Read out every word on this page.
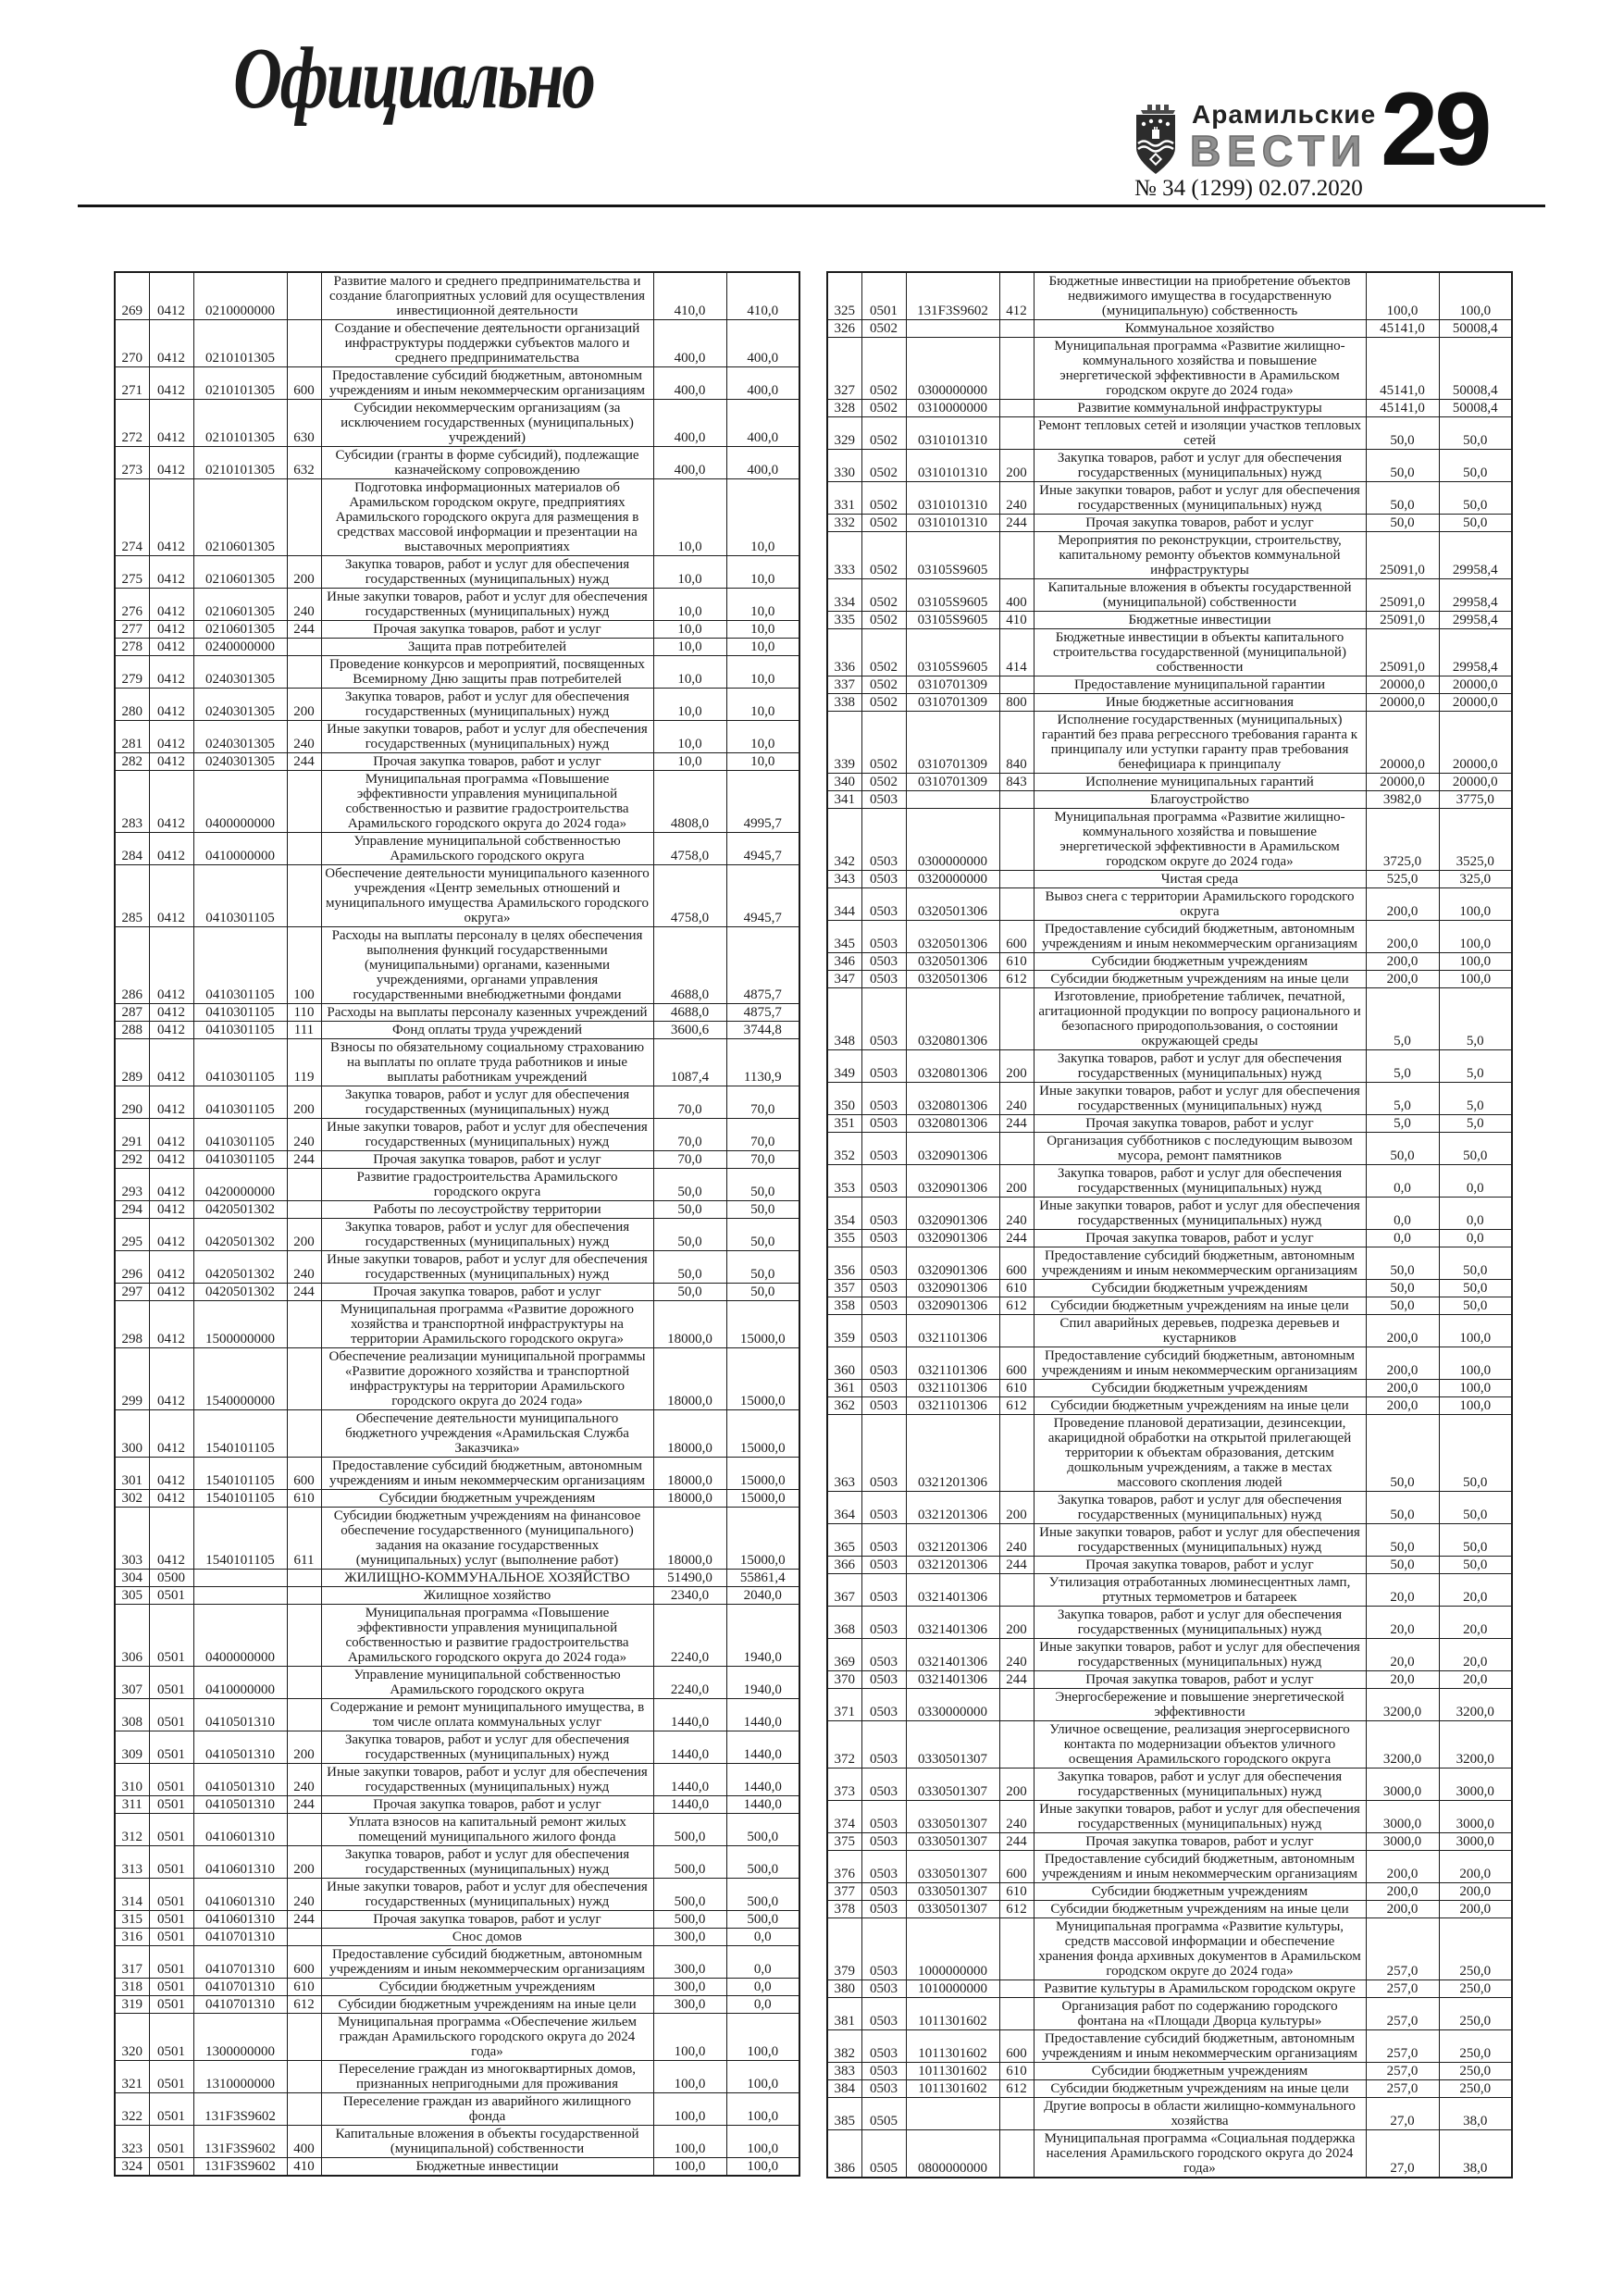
Официально	Арамильские
ВЕСТИ 29
№ 34 (1299) 02.07.2020
269	0412	0210000000		Развитие малого и среднего предпринимательства и создание благоприятных условий для осуществления инвестиционной деятельности	410,0	410,0
270	0412	0210101305		Создание и обеспечение деятельности организаций инфраструктуры поддержки субъектов малого и среднего предпринимательства	400,0	400,0
271	0412	0210101305	600	Предоставление субсидий бюджетным, автономным учреждениям и иным некоммерческим организациям	400,0	400,0
272	0412	0210101305	630	Субсидии некоммерческим организациям (за исключением государственных (муниципальных) учреждений)	400,0	400,0
273	0412	0210101305	632	Субсидии (гранты в форме субсидий), подлежащие казначейскому сопровождению	400,0	400,0
274	0412	0210601305		Подготовка информационных материалов об Арамильском городском округе, предприятиях Арамильского городского округа для размещения в средствах массовой информации и презентации на выставочных мероприятиях	10,0	10,0
275	0412	0210601305	200	Закупка товаров, работ и услуг для обеспечения государственных (муниципальных) нужд	10,0	10,0
276	0412	0210601305	240	Иные закупки товаров, работ и услуг для обеспечения государственных (муниципальных) нужд	10,0	10,0
277	0412	0210601305	244	Прочая закупка товаров, работ и услуг	10,0	10,0
278	0412	0240000000		Защита прав потребителей	10,0	10,0
279	0412	0240301305		Проведение конкурсов и мероприятий, посвященных Всемирному Дню защиты прав потребителей	10,0	10,0
280	0412	0240301305	200	Закупка товаров, работ и услуг для обеспечения государственных (муниципальных) нужд	10,0	10,0
281	0412	0240301305	240	Иные закупки товаров, работ и услуг для обеспечения государственных (муниципальных) нужд	10,0	10,0
282	0412	0240301305	244	Прочая закупка товаров, работ и услуг	10,0	10,0
283	0412	0400000000		Муниципальная программа «Повышение эффективности управления муниципальной собственностью и развитие градостроительства Арамильского городского округа до 2024 года»	4808,0	4995,7
284	0412	0410000000		Управление муниципальной собственностью Арамильского городского округа	4758,0	4945,7
285	0412	0410301105		Обеспечение деятельности муниципального казенного учреждения «Центр земельных отношений и муниципального имущества Арамильского городского округа»	4758,0	4945,7
286	0412	0410301105	100	Расходы на выплаты персоналу в целях обеспечения выполнения функций государственными (муниципальными) органами, казенными учреждениями, органами управления государственными внебюджетными фондами	4688,0	4875,7
287	0412	0410301105	110	Расходы на выплаты персоналу казенных учреждений	4688,0	4875,7
288	0412	0410301105	111	Фонд оплаты труда учреждений	3600,6	3744,8
289	0412	0410301105	119	Взносы по обязательному социальному страхованию на выплаты по оплате труда работников и иные выплаты работникам учреждений	1087,4	1130,9
290	0412	0410301105	200	Закупка товаров, работ и услуг для обеспечения государственных (муниципальных) нужд	70,0	70,0
291	0412	0410301105	240	Иные закупки товаров, работ и услуг для обеспечения государственных (муниципальных) нужд	70,0	70,0
292	0412	0410301105	244	Прочая закупка товаров, работ и услуг	70,0	70,0
293	0412	0420000000		Развитие градостроительства Арамильского городского округа	50,0	50,0
294	0412	0420501302		Работы по лесоустройству территории	50,0	50,0
295	0412	0420501302	200	Закупка товаров, работ и услуг для обеспечения государственных (муниципальных) нужд	50,0	50,0
296	0412	0420501302	240	Иные закупки товаров, работ и услуг для обеспечения государственных (муниципальных) нужд	50,0	50,0
297	0412	0420501302	244	Прочая закупка товаров, работ и услуг	50,0	50,0
298	0412	1500000000		Муниципальная программа «Развитие дорожного хозяйства и транспортной инфраструктуры на территории Арамильского городского округа»	18000,0	15000,0
299	0412	1540000000		Обеспечение реализации муниципальной программы «Развитие дорожного хозяйства и транспортной инфраструктуры на территории Арамильского городского округа до 2024 года»	18000,0	15000,0
300	0412	1540101105		Обеспечение деятельности муниципального бюджетного учреждения «Арамильская Служба Заказчика»	18000,0	15000,0
301	0412	1540101105	600	Предоставление субсидий бюджетным, автономным учреждениям и иным некоммерческим организациям	18000,0	15000,0
302	0412	1540101105	610	Субсидии бюджетным учреждениям	18000,0	15000,0
303	0412	1540101105	611	Субсидии бюджетным учреждениям на финансовое обеспечение государственного (муниципального) задания на оказание государственных (муниципальных) услуг (выполнение работ)	18000,0	15000,0
304	0500			ЖИЛИЩНО-КОММУНАЛЬНОЕ ХОЗЯЙСТВО	51490,0	55861,4
305	0501			Жилищное хозяйство	2340,0	2040,0
306	0501	0400000000		Муниципальная программа «Повышение эффективности управления муниципальной собственностью и развитие градостроительства Арамильского городского округа до 2024 года»	2240,0	1940,0
307	0501	0410000000		Управление муниципальной собственностью Арамильского городского округа	2240,0	1940,0
308	0501	0410501310		Содержание и ремонт муниципального имущества, в том числе оплата коммунальных услуг	1440,0	1440,0
309	0501	0410501310	200	Закупка товаров, работ и услуг для обеспечения государственных (муниципальных) нужд	1440,0	1440,0
310	0501	0410501310	240	Иные закупки товаров, работ и услуг для обеспечения государственных (муниципальных) нужд	1440,0	1440,0
311	0501	0410501310	244	Прочая закупка товаров, работ и услуг	1440,0	1440,0
312	0501	0410601310		Уплата взносов на капитальный ремонт жилых помещений муниципального жилого фонда	500,0	500,0
313	0501	0410601310	200	Закупка товаров, работ и услуг для обеспечения государственных (муниципальных) нужд	500,0	500,0
314	0501	0410601310	240	Иные закупки товаров, работ и услуг для обеспечения государственных (муниципальных) нужд	500,0	500,0
315	0501	0410601310	244	Прочая закупка товаров, работ и услуг	500,0	500,0
316	0501	0410701310		Снос домов	300,0	0,0
317	0501	0410701310	600	Предоставление субсидий бюджетным, автономным учреждениям и иным некоммерческим организациям	300,0	0,0
318	0501	0410701310	610	Субсидии бюджетным учреждениям	300,0	0,0
319	0501	0410701310	612	Субсидии бюджетным учреждениям на иные цели	300,0	0,0
320	0501	1300000000		Муниципальная программа «Обеспечение жильем граждан Арамильского городского округа до 2024 года»	100,0	100,0
321	0501	1310000000		Переселение граждан из многоквартирных домов, признанных непригодными для проживания	100,0	100,0
322	0501	131F3S9602		Переселение граждан из аварийного жилищного фонда	100,0	100,0
323	0501	131F3S9602	400	Капитальные вложения в объекты государственной (муниципальной) собственности	100,0	100,0
324	0501	131F3S9602	410	Бюджетные инвестиции	100,0	100,0
325	0501	131F3S9602	412	Бюджетные инвестиции на приобретение объектов недвижимого имущества в государственную (муниципальную) собственность	100,0	100,0
326	0502			Коммунальное хозяйство	45141,0	50008,4
327	0502	0300000000		Муниципальная программа «Развитие жилищно-коммунального хозяйства и повышение энергетической эффективности в Арамильском городском округе до 2024 года»	45141,0	50008,4
328	0502	0310000000		Развитие коммунальной инфраструктуры	45141,0	50008,4
329	0502	0310101310		Ремонт тепловых сетей и изоляции участков тепловых сетей	50,0	50,0
330	0502	0310101310	200	Закупка товаров, работ и услуг для обеспечения государственных (муниципальных) нужд	50,0	50,0
331	0502	0310101310	240	Иные закупки товаров, работ и услуг для обеспечения государственных (муниципальных) нужд	50,0	50,0
332	0502	0310101310	244	Прочая закупка товаров, работ и услуг	50,0	50,0
333	0502	03105S9605		Мероприятия по реконструкции, строительству, капитальному ремонту объектов коммунальной инфраструктуры	25091,0	29958,4
334	0502	03105S9605	400	Капитальные вложения в объекты государственной (муниципальной) собственности	25091,0	29958,4
335	0502	03105S9605	410	Бюджетные инвестиции	25091,0	29958,4
336	0502	03105S9605	414	Бюджетные инвестиции в объекты капитального строительства государственной (муниципальной) собственности	25091,0	29958,4
337	0502	0310701309		Предоставление муниципальной гарантии	20000,0	20000,0
338	0502	0310701309	800	Иные бюджетные ассигнования	20000,0	20000,0
339	0502	0310701309	840	Исполнение государственных (муниципальных) гарантий без права регрессного требования гаранта к принципалу или уступки гаранту прав требования бенефициара к принципалу	20000,0	20000,0
340	0502	0310701309	843	Исполнение муниципальных гарантий	20000,0	20000,0
341	0503			Благоустройство	3982,0	3775,0
342	0503	0300000000		Муниципальная программа «Развитие жилищно-коммунального хозяйства и повышение энергетической эффективности в Арамильском городском округе до 2024 года»	3725,0	3525,0
343	0503	0320000000		Чистая среда	525,0	325,0
344	0503	0320501306		Вывоз снега с территории Арамильского городского округа	200,0	100,0
345	0503	0320501306	600	Предоставление субсидий бюджетным, автономным учреждениям и иным некоммерческим организациям	200,0	100,0
346	0503	0320501306	610	Субсидии бюджетным учреждениям	200,0	100,0
347	0503	0320501306	612	Субсидии бюджетным учреждениям на иные цели	200,0	100,0
348	0503	0320801306		Изготовление, приобретение табличек, печатной, агитационной продукции по вопросу рационального и безопасного природопользования, о состоянии окружающей среды	5,0	5,0
349	0503	0320801306	200	Закупка товаров, работ и услуг для обеспечения государственных (муниципальных) нужд	5,0	5,0
350	0503	0320801306	240	Иные закупки товаров, работ и услуг для обеспечения государственных (муниципальных) нужд	5,0	5,0
351	0503	0320801306	244	Прочая закупка товаров, работ и услуг	5,0	5,0
352	0503	0320901306		Организация субботников с последующим вывозом мусора, ремонт памятников	50,0	50,0
353	0503	0320901306	200	Закупка товаров, работ и услуг для обеспечения государственных (муниципальных) нужд	0,0	0,0
354	0503	0320901306	240	Иные закупки товаров, работ и услуг для обеспечения государственных (муниципальных) нужд	0,0	0,0
355	0503	0320901306	244	Прочая закупка товаров, работ и услуг	0,0	0,0
356	0503	0320901306	600	Предоставление субсидий бюджетным, автономным учреждениям и иным некоммерческим организациям	50,0	50,0
357	0503	0320901306	610	Субсидии бюджетным учреждениям	50,0	50,0
358	0503	0320901306	612	Субсидии бюджетным учреждениям на иные цели	50,0	50,0
359	0503	0321101306		Спил аварийных деревьев, подрезка деревьев и кустарников	200,0	100,0
360	0503	0321101306	600	Предоставление субсидий бюджетным, автономным учреждениям и иным некоммерческим организациям	200,0	100,0
361	0503	0321101306	610	Субсидии бюджетным учреждениям	200,0	100,0
362	0503	0321101306	612	Субсидии бюджетным учреждениям на иные цели	200,0	100,0
363	0503	0321201306		Проведение плановой дератизации, дезинсекции, акарицидной обработки на открытой прилегающей территории к объектам образования, детским дошкольным учреждениям, а также в местах массового скопления людей	50,0	50,0
364	0503	0321201306	200	Закупка товаров, работ и услуг для обеспечения государственных (муниципальных) нужд	50,0	50,0
365	0503	0321201306	240	Иные закупки товаров, работ и услуг для обеспечения государственных (муниципальных) нужд	50,0	50,0
366	0503	0321201306	244	Прочая закупка товаров, работ и услуг	50,0	50,0
367	0503	0321401306		Утилизация отработанных люминесцентных ламп, ртутных термометров и батареек	20,0	20,0
368	0503	0321401306	200	Закупка товаров, работ и услуг для обеспечения государственных (муниципальных) нужд	20,0	20,0
369	0503	0321401306	240	Иные закупки товаров, работ и услуг для обеспечения государственных (муниципальных) нужд	20,0	20,0
370	0503	0321401306	244	Прочая закупка товаров, работ и услуг	20,0	20,0
371	0503	0330000000		Энергосбережение и повышение энергетической эффективности	3200,0	3200,0
372	0503	0330501307		Уличное освещение, реализация энергосервисного контакта по модернизации объектов уличного освещения Арамильского городского округа	3200,0	3200,0
373	0503	0330501307	200	Закупка товаров, работ и услуг для обеспечения государственных (муниципальных) нужд	3000,0	3000,0
374	0503	0330501307	240	Иные закупки товаров, работ и услуг для обеспечения государственных (муниципальных) нужд	3000,0	3000,0
375	0503	0330501307	244	Прочая закупка товаров, работ и услуг	3000,0	3000,0
376	0503	0330501307	600	Предоставление субсидий бюджетным, автономным учреждениям и иным некоммерческим организациям	200,0	200,0
377	0503	0330501307	610	Субсидии бюджетным учреждениям	200,0	200,0
378	0503	0330501307	612	Субсидии бюджетным учреждениям на иные цели	200,0	200,0
379	0503	1000000000		Муниципальная программа «Развитие культуры, средств массовой информации и обеспечение хранения фонда архивных документов в Арамильском городском округе до 2024 года»	257,0	250,0
380	0503	1010000000		Развитие культуры в Арамильском городском округе	257,0	250,0
381	0503	1011301602		Организация работ по содержанию городского фонтана на «Площади Дворца культуры»	257,0	250,0
382	0503	1011301602	600	Предоставление субсидий бюджетным, автономным учреждениям и иным некоммерческим организациям	257,0	250,0
383	0503	1011301602	610	Субсидии бюджетным учреждениям	257,0	250,0
384	0503	1011301602	612	Субсидии бюджетным учреждениям на иные цели	257,0	250,0
385	0505			Другие вопросы в области жилищно-коммунального хозяйства	27,0	38,0
386	0505	0800000000		Муниципальная программа «Социальная поддержка населения Арамильского городского округа до 2024 года»	27,0	38,0
